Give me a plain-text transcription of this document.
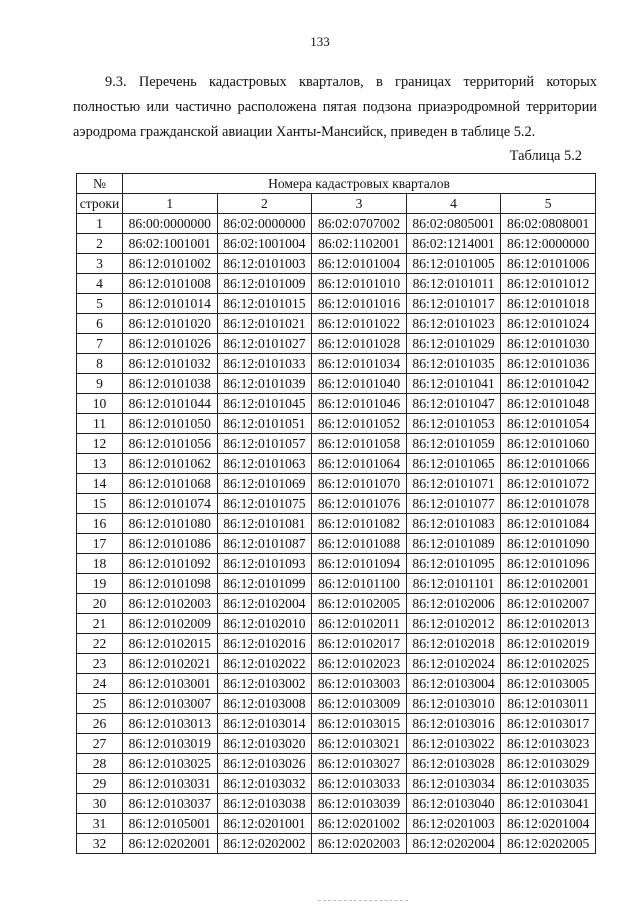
133
9.3. Перечень кадастровых кварталов, в границах территорий которых
полностью или частично расположена пятая подзона приаэродромной территории
аэродрома гражданской авиации Ханты-Мансийск, приведен в таблице 5.2.
Таблица 5.2
№	Номера кадастровых кварталов				
строки	1	2	3	4	5
1	86:00:0000000	86:02:0000000	86:02:0707002	86:02:0805001	86:02:0808001
2	86:02:1001001	86:02:1001004	86:02:1102001	86:02:1214001	86:12:0000000
3	86:12:0101002	86:12:0101003	86:12:0101004	86:12:0101005	86:12:0101006
4	86:12:0101008	86:12:0101009	86:12:0101010	86:12:0101011	86:12:0101012
5	86:12:0101014	86:12:0101015	86:12:0101016	86:12:0101017	86:12:0101018
6	86:12:0101020	86:12:0101021	86:12:0101022	86:12:0101023	86:12:0101024
7	86:12:0101026	86:12:0101027	86:12:0101028	86:12:0101029	86:12:0101030
8	86:12:0101032	86:12:0101033	86:12:0101034	86:12:0101035	86:12:0101036
9	86:12:0101038	86:12:0101039	86:12:0101040	86:12:0101041	86:12:0101042
10	86:12:0101044	86:12:0101045	86:12:0101046	86:12:0101047	86:12:0101048
11	86:12:0101050	86:12:0101051	86:12:0101052	86:12:0101053	86:12:0101054
12	86:12:0101056	86:12:0101057	86:12:0101058	86:12:0101059	86:12:0101060
13	86:12:0101062	86:12:0101063	86:12:0101064	86:12:0101065	86:12:0101066
14	86:12:0101068	86:12:0101069	86:12:0101070	86:12:0101071	86:12:0101072
15	86:12:0101074	86:12:0101075	86:12:0101076	86:12:0101077	86:12:0101078
16	86:12:0101080	86:12:0101081	86:12:0101082	86:12:0101083	86:12:0101084
17	86:12:0101086	86:12:0101087	86:12:0101088	86:12:0101089	86:12:0101090
18	86:12:0101092	86:12:0101093	86:12:0101094	86:12:0101095	86:12:0101096
19	86:12:0101098	86:12:0101099	86:12:0101100	86:12:0101101	86:12:0102001
20	86:12:0102003	86:12:0102004	86:12:0102005	86:12:0102006	86:12:0102007
21	86:12:0102009	86:12:0102010	86:12:0102011	86:12:0102012	86:12:0102013
22	86:12:0102015	86:12:0102016	86:12:0102017	86:12:0102018	86:12:0102019
23	86:12:0102021	86:12:0102022	86:12:0102023	86:12:0102024	86:12:0102025
24	86:12:0103001	86:12:0103002	86:12:0103003	86:12:0103004	86:12:0103005
25	86:12:0103007	86:12:0103008	86:12:0103009	86:12:0103010	86:12:0103011
26	86:12:0103013	86:12:0103014	86:12:0103015	86:12:0103016	86:12:0103017
27	86:12:0103019	86:12:0103020	86:12:0103021	86:12:0103022	86:12:0103023
28	86:12:0103025	86:12:0103026	86:12:0103027	86:12:0103028	86:12:0103029
29	86:12:0103031	86:12:0103032	86:12:0103033	86:12:0103034	86:12:0103035
30	86:12:0103037	86:12:0103038	86:12:0103039	86:12:0103040	86:12:0103041
31	86:12:0105001	86:12:0201001	86:12:0201002	86:12:0201003	86:12:0201004
32	86:12:0202001	86:12:0202002	86:12:0202003	86:12:0202004	86:12:0202005
